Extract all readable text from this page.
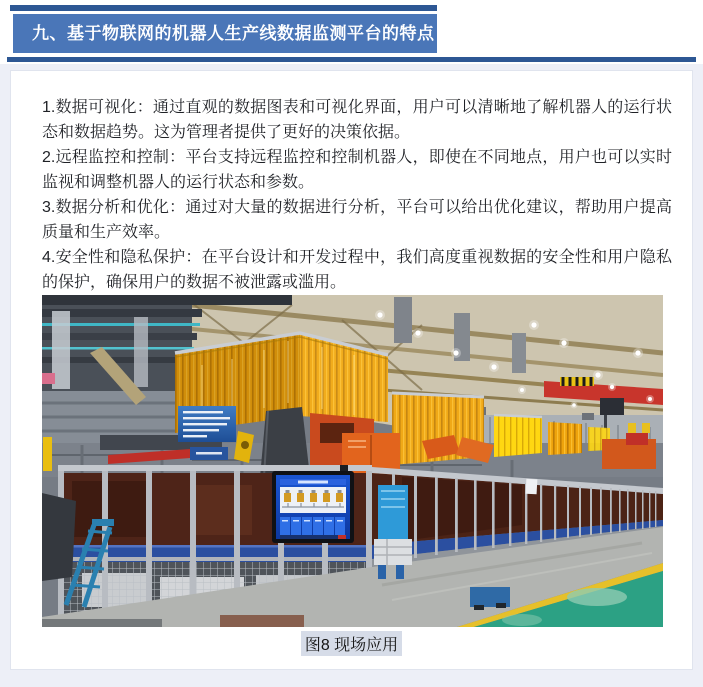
九、基于物联网的机器人生产线数据监测平台的特点

1.数据可视化：通过直观的数据图表和可视化界面，用户可以清晰地了解机器人的运行状态和数据趋势。这为管理者提供了更好的决策依据。

2.远程监控和控制：平台支持远程监控和控制机器人，即使在不同地点，用户也可以实时监视和调整机器人的运行状态和参数。

3.数据分析和优化：通过对大量的数据进行分析，平台可以给出优化建议，帮助用户提高质量和生产效率。

4.安全性和隐私保护：在平台设计和开发过程中，我们高度重视数据的安全性和用户隐私的保护，确保用户的数据不被泄露或滥用。

图8 现场应用
